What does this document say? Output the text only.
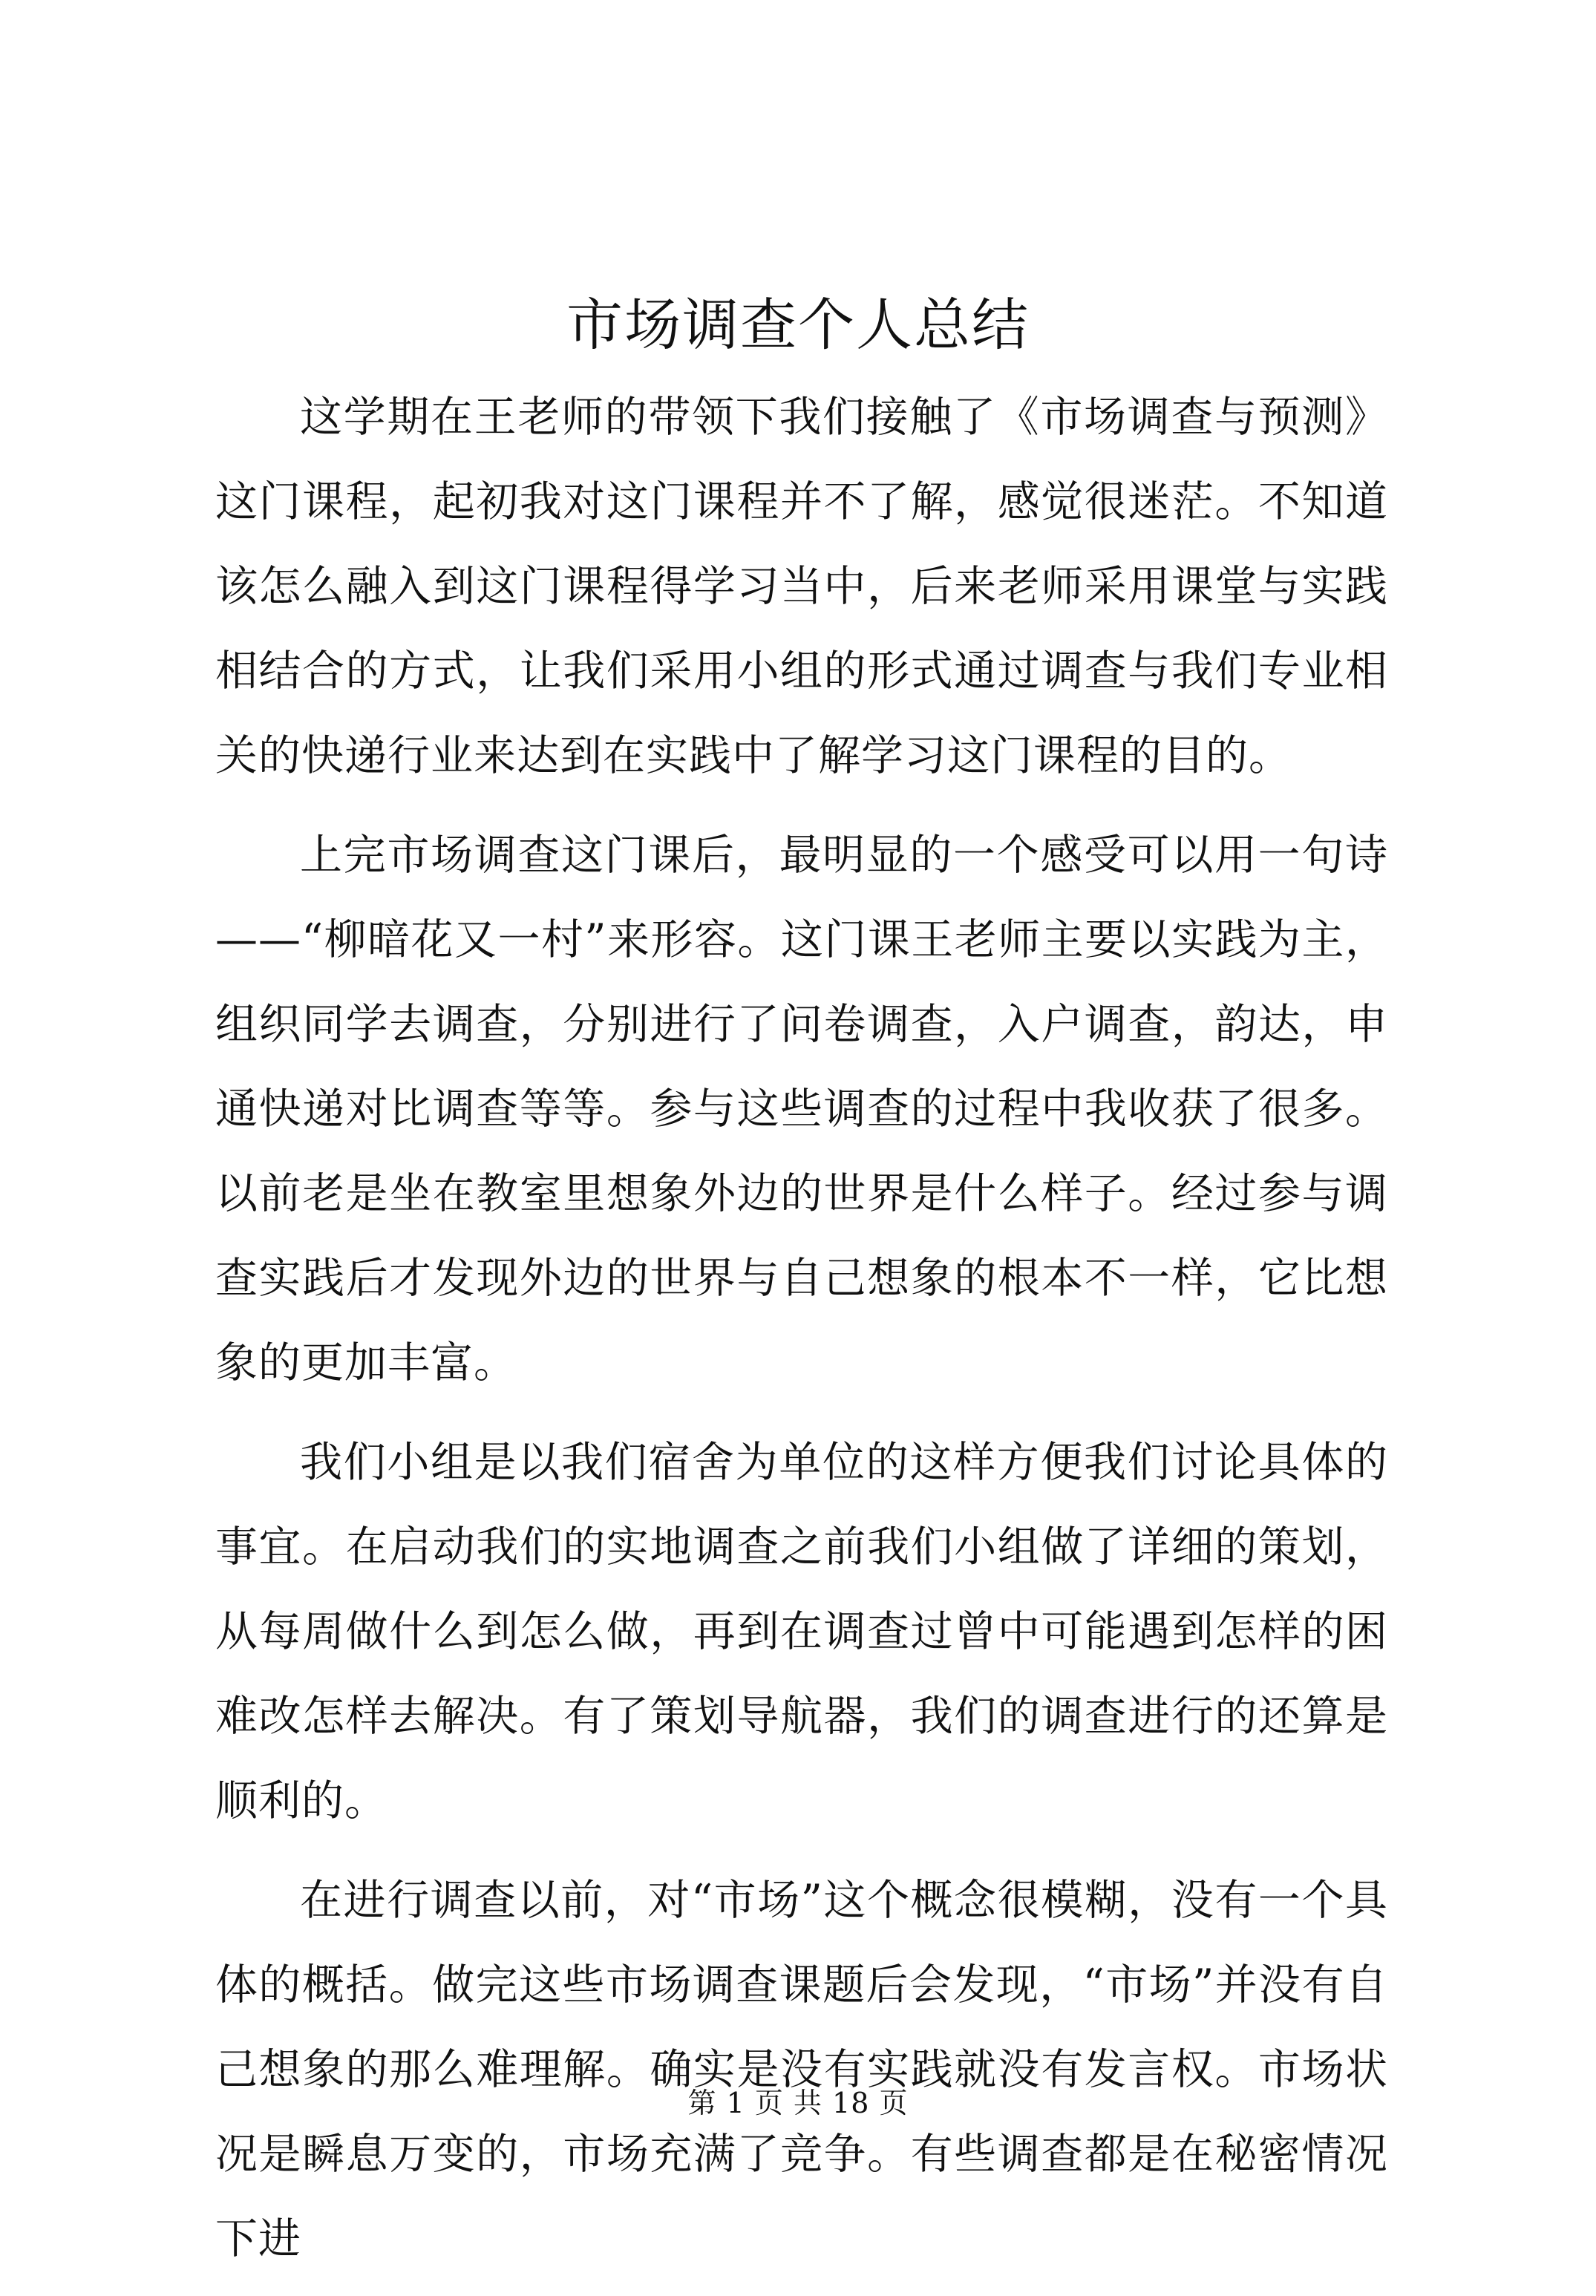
市场调查个人总结

这学期在王老师的带领下我们接触了《市场调查与预测》这门课程，起初我对这门课程并不了解，感觉很迷茫。不知道该怎么融入到这门课程得学习当中，后来老师采用课堂与实践相结合的方式，让我们采用小组的形式通过调查与我们专业相关的快递行业来达到在实践中了解学习这门课程的目的。

上完市场调查这门课后，最明显的一个感受可以用一句诗——“柳暗花又一村”来形容。这门课王老师主要以实践为主，组织同学去调查，分别进行了问卷调查，入户调查，韵达，申通快递对比调查等等。参与这些调查的过程中我收获了很多。以前老是坐在教室里想象外边的世界是什么样子。经过参与调查实践后才发现外边的世界与自己想象的根本不一样，它比想象的更加丰富。

我们小组是以我们宿舍为单位的这样方便我们讨论具体的事宜。在启动我们的实地调查之前我们小组做了详细的策划，从每周做什么到怎么做，再到在调查过曾中可能遇到怎样的困难改怎样去解决。有了策划导航器，我们的调查进行的还算是顺利的。

在进行调查以前，对“市场”这个概念很模糊，没有一个具体的概括。做完这些市场调查课题后会发现，“市场”并没有自己想象的那么难理解。确实是没有实践就没有发言权。市场状况是瞬息万变的，市场充满了竞争。有些调查都是在秘密情况下进

第 1 页 共 18 页
